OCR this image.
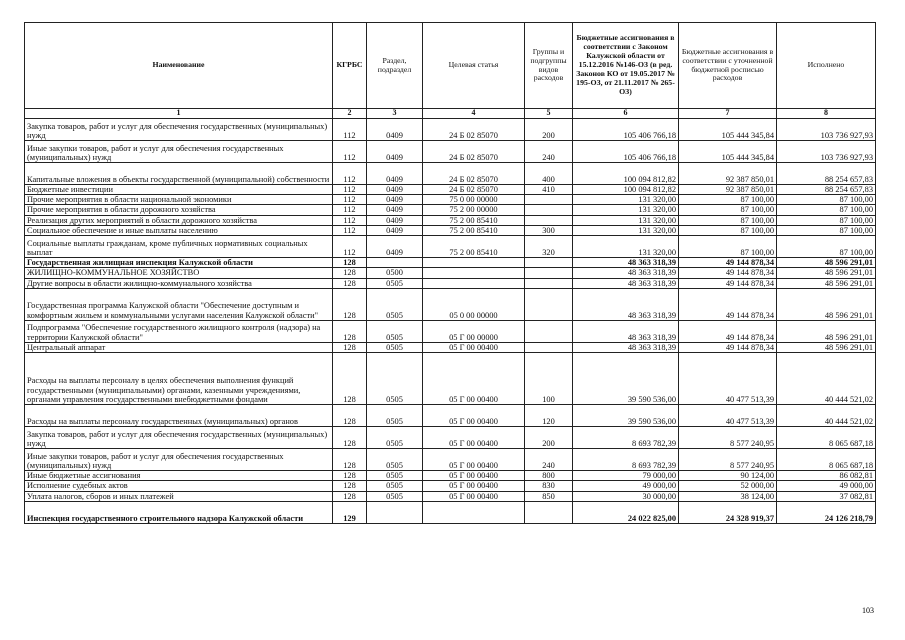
Наименование	КГРБС	Раздел, подраздел	Целевая статья	Группы и подгруппы видов расходов	Бюджетные ассигнования в соответствии с Законом Калужской области от 15.12.2016 №146-ОЗ (в ред. Законов КО от 19.05.2017 № 195-ОЗ, от 21.11.2017 № 265-ОЗ)	Бюджетные ассигнования в соответствии с уточненной бюджетной росписью расходов	Исполнено
1	2	3	4	5	6	7	8
Закупка товаров, работ и услуг для обеспечения государственных (муниципальных) нужд	112	0409	24 Б 02 85070	200	105 406 766,18	105 444 345,84	103 736 927,93
Иные закупки товаров, работ и услуг для обеспечения государственных (муниципальных) нужд	112	0409	24 Б 02 85070	240	105 406 766,18	105 444 345,84	103 736 927,93
Капитальные вложения в объекты государственной (муниципальной) собственности	112	0409	24 Б 02 85070	400	100 094 812,82	92 387 850,01	88 254 657,83
Бюджетные инвестиции	112	0409	24 Б 02 85070	410	100 094 812,82	92 387 850,01	88 254 657,83
Прочие мероприятия в области национальной экономики	112	0409	75 0 00 00000		131 320,00	87 100,00	87 100,00
Прочие мероприятия в области дорожного хозяйства	112	0409	75 2 00 00000		131 320,00	87 100,00	87 100,00
Реализация других мероприятий в области дорожного хозяйства	112	0409	75 2 00 85410		131 320,00	87 100,00	87 100,00
Социальное обеспечение и иные выплаты населению	112	0409	75 2 00 85410	300	131 320,00	87 100,00	87 100,00
Социальные выплаты гражданам, кроме публичных нормативных социальных выплат	112	0409	75 2 00 85410	320	131 320,00	87 100,00	87 100,00
Государственная жилищная инспекция Калужской области	128				48 363 318,39	49 144 878,34	48 596 291,01
ЖИЛИЩНО-КОММУНАЛЬНОЕ ХОЗЯЙСТВО	128	0500			48 363 318,39	49 144 878,34	48 596 291,01
Другие вопросы в области жилищно-коммунального хозяйства	128	0505			48 363 318,39	49 144 878,34	48 596 291,01
Государственная программа Калужской области "Обеспечение доступным и комфортным жильем и коммунальными услугами населения Калужской области"	128	0505	05 0 00 00000		48 363 318,39	49 144 878,34	48 596 291,01
Подпрограмма "Обеспечение государственного жилищного контроля (надзора) на территории Калужской области"	128	0505	05 Г 00 00000		48 363 318,39	49 144 878,34	48 596 291,01
Центральный аппарат	128	0505	05 Г 00 00400		48 363 318,39	49 144 878,34	48 596 291,01
Расходы на выплаты персоналу в целях обеспечения выполнения функций государственными (муниципальными) органами, казенными учреждениями, органами управления государственными внебюджетными фондами	128	0505	05 Г 00 00400	100	39 590 536,00	40 477 513,39	40 444 521,02
Расходы на выплаты персоналу государственных (муниципальных) органов	128	0505	05 Г 00 00400	120	39 590 536,00	40 477 513,39	40 444 521,02
Закупка товаров, работ и услуг для обеспечения государственных (муниципальных) нужд	128	0505	05 Г 00 00400	200	8 693 782,39	8 577 240,95	8 065 687,18
Иные закупки товаров, работ и услуг для обеспечения государственных (муниципальных) нужд	128	0505	05 Г 00 00400	240	8 693 782,39	8 577 240,95	8 065 687,18
Иные бюджетные ассигнования	128	0505	05 Г 00 00400	800	79 000,00	90 124,00	86 082,81
Исполнение судебных актов	128	0505	05 Г 00 00400	830	49 000,00	52 000,00	49 000,00
Уплата налогов, сборов и иных платежей	128	0505	05 Г 00 00400	850	30 000,00	38 124,00	37 082,81
Инспекция государственного строительного надзора Калужской области	129				24 022 825,00	24 328 919,37	24 126 218,79
103
